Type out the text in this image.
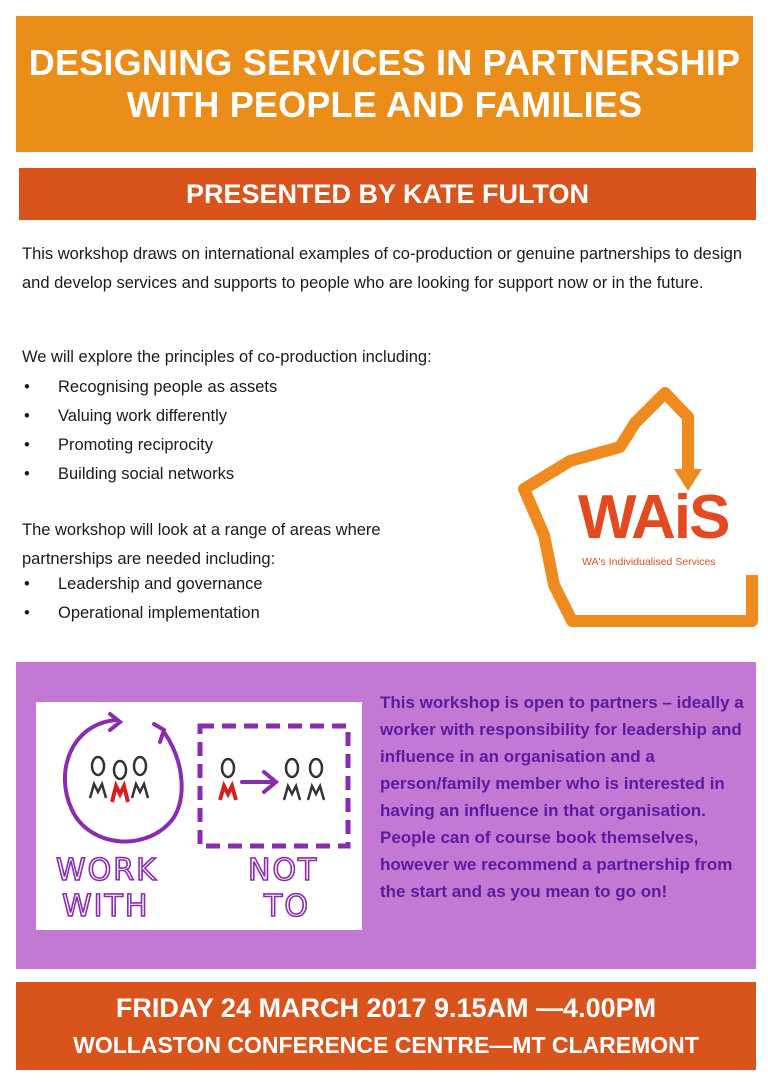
DESIGNING SERVICES IN PARTNERSHIP
WITH PEOPLE AND FAMILIES
PRESENTED BY KATE FULTON
This workshop draws on international examples of co-production or genuine partnerships to design and develop services and supports to people who are looking for support now or in the future.
We will explore the principles of co-production including:
• Recognising people as assets
• Valuing work differently
• Promoting reciprocity
• Building social networks
The workshop will look at a range of areas where partnerships are needed including:
• Leadership and governance
• Operational implementation
WAiS
WA's Individualised Services
WORK
WITH
NOT
TO
This workshop is open to partners – ideally a worker with responsibility for leadership and influence in an organisation and a person/family member who is interested in having an influence in that organisation. People can of course book themselves, however we recommend a partnership from the start and as you mean to go on!
FRIDAY 24 MARCH 2017 9.15AM —4.00PM
WOLLASTON CONFERENCE CENTRE—MT CLAREMONT
